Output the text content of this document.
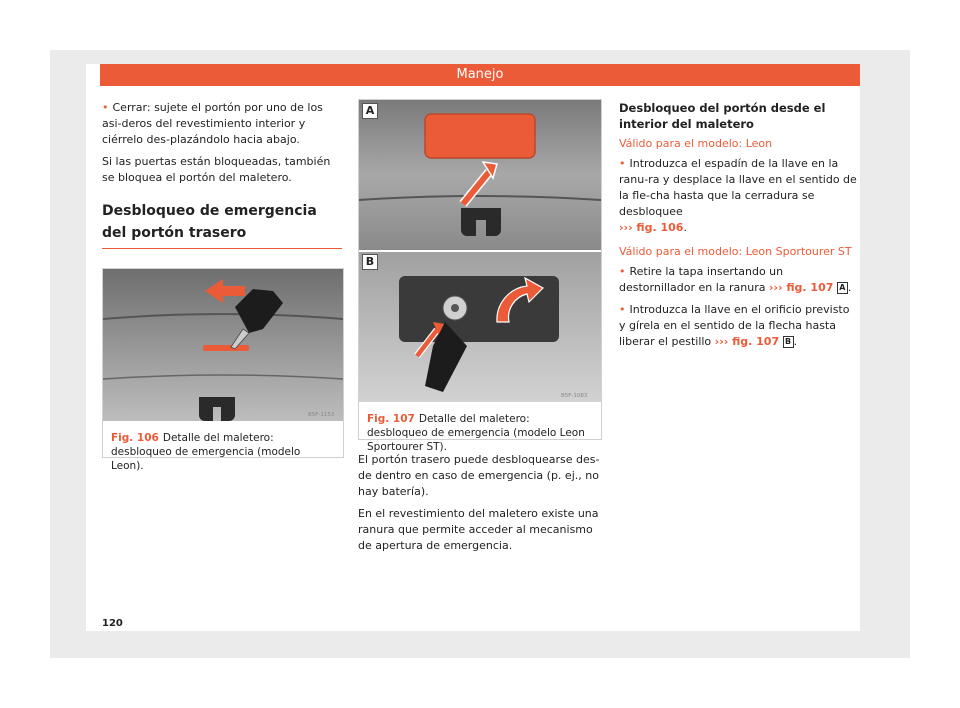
Manejo

• Cerrar: sujete el portón por uno de los asi-deros del revestimiento interior y ciérrelo des-plazándolo hacia abajo.

Si las puertas están bloqueadas, también se bloquea el portón del maletero.

Desbloqueo de emergencia del portón trasero
B5F-1153
Fig. 106 Detalle del maletero: desbloqueo de emergencia (modelo Leon).
A
B
B5F-1083
Fig. 107 Detalle del maletero: desbloqueo de emergencia (modelo Leon Sportourer ST).

El portón trasero puede desbloquearse des-de dentro en caso de emergencia (p. ej., no hay batería).

En el revestimiento del maletero existe una ranura que permite acceder al mecanismo de apertura de emergencia.

Desbloqueo del portón desde el interior del maletero
Válido para el modelo: Leon

• Introduzca el espadín de la llave en la ranu-ra y desplace la llave en el sentido de la fle-cha hasta que la cerradura se desbloquee
››› fig. 106.

Válido para el modelo: Leon Sportourer ST

• Retire la tapa insertando un destornillador en la ranura ››› fig. 107 A .

• Introduzca la llave en el orificio previsto y gírela en el sentido de la flecha hasta liberar el pestillo ››› fig. 107 B .

120
